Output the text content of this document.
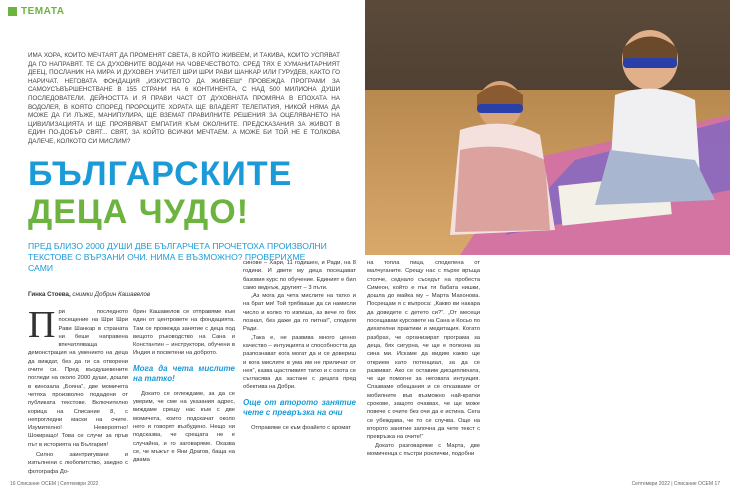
ТЕМАТА
ИМА ХОРА, КОИТО МЕЧТАЯТ ДА ПРОМЕНЯТ СВЕТА, В КОЙТО ЖИВЕЕМ, И ТАКИВА, КОИТО УСПЯВАТ ДА ГО НАПРАВЯТ. ТЕ СА ДУХОВНИТЕ ВОДАЧИ НА ЧОВЕЧЕСТВОТО. СРЕД ТЯХ Е ХУМАНИТАРНИЯТ ДЕЕЦ, ПОСЛАНИК НА МИРА И ДУХОВЕН УЧИТЕЛ ШРИ ШРИ РАВИ ШАНКАР ИЛИ ГУРУДЕВ, КАКТО ГО НАРИЧАТ. НЕГОВАТА ФОНДАЦИЯ „ИЗКУСТВОТО ДА ЖИВЕЕШ“ ПРОВЕЖДА ПРОГРАМИ ЗА САМОУСЪВЪРШЕНСТВАНЕ В 155 СТРАНИ НА 6 КОНТИНЕНТА, С НАД 500 МИЛИОНА ДУШИ ПОСЛЕДОВАТЕЛИ. ДЕЙНОСТТА И Я ПРАВИ ЧАСТ ОТ ДУХОВНАТА ПРОМЯНА В ЕПОХАТА НА ВОДОЛЕЯ, В КОЯТО СПОРЕД ПРОРОЦИТЕ ХОРАТА ЩЕ ВЛАДЕЯТ ТЕЛЕПАТИЯ, НИКОЙ НЯМА ДА МОЖЕ ДА ГИ ЛЪЖЕ, МАНИПУЛИРА, ЩЕ ВЗЕМАТ ПРАВИЛНИТЕ РЕШЕНИЯ ЗА ОЦЕЛЯВАНЕТО НА ЦИВИЛИЗАЦИЯТА И ЩЕ ПРОЯВЯВАТ ЕМПАТИЯ КЪМ ОКОЛНИТЕ. ПРЕДСКАЗАНИЯ ЗА ЖИВОТ В ЕДИН ПО-ДОБЪР СВЯТ... СВЯТ, ЗА КОЙТО ВСИЧКИ МЕЧТАЕМ. А МОЖЕ БИ ТОЙ НЕ Е ТОЛКОВА ДАЛЕЧЕ, КОЛКОТО СИ МИСЛИМ?
БЪЛГАРСКИТЕ
ДЕЦА ЧУДО!
ПРЕД БЛИЗО 2000 ДУШИ ДВЕ БЪЛГАРЧЕТА ПРОЧЕТОХА ПРОИЗВОЛНИ ТЕКСТОВЕ С ВЪРЗАНИ ОЧИ. НИМА Е ВЪЗМОЖНО? ПРОВЕРИХМЕ САМИ
Гинка Стоева, снимки Добрин Кашавелов
П ри последното посещение на Шри Шри Рави Шанкар в страната ни беше направена впечатляваща демонстрация на умението на деца да виждат, без да ги са отворени очите си. Пред въодушевените погледи на около 2000 души, дошли в кинозала „Бояна“, две момичета четяха произволно подадени от публиката текстове. Включително корица на Списание 8, с непрогледни маски на очите. Изумително! Невероятно! Шокиращо! Това се случи за пръв път в историята на България!

Силно заинтригувани и изпълнени с любопитство, заедно с фотографа До-

брин Кашавелов се отправяме към един от центровете на фондацията. Там се провежда занятие с деца под вещото ръководство на Сана и Константин – инструктори, обучени в Индия и посветени на доброто.

Мога да чета мислите на татко!

Докато се оглеждаме, за да се уверим, че сме на указания адрес, виждаме срещу нас към с две момичета, които подскачат около него и говорят възбудено. Нещо ни подсказва, че срещата не е случайна, и го заговаряме. Оказва се, че мъжът е Яни Драгов, баща на двама

синове – Хари, 11 годишен, и Ради, на 8 години. И двете му деца посещават базовия курс по обучение. Единият е бил само веднъж, другият – 3 пъти.

„Аз мога да чета мислите на татко и на брат ми! Той трябваше да си намисли число и колко то изпиша, аз вече го бях познал, без даже да го питна!“, споделя Ради.

„Така е, не развива много ценно качество – интуицията и способността да разпознават кога могат да и се довериш и кога мислите в ума им не приличат от нея“, казва щастливият татко и с охота се съгласява да застане с децата пред обектива на Добри.

Още от второто занятие чете с превръзка на очи

Отправяме се към фоайето с аромат

на топла пица, споделена от малчуганите. Срещу нас с пърхе връща столче, седнало съседът на пробеста Симеон, който е пък тя бабата нишки, дошла до майка му – Марта Махонова. Посрещам я с въпроса: „Какво ви накара да доведете с детето си?“. „От месеци посещавам курсовете на Сана и Косьо по дихателни практики и медитация. Когато разбрах, че организират програма за деца, бях сигурна, че ще е полезна за сина ми. Искаме да видим какво ще открием като потенциал, за да се развиват. Ако се оставим дисциплината, че ще помогне за неговата интуиция. Спазваме обещания и се отказваме от мобилните във възможно най-кратки срокове, защото очаквах, че ще може повече с очите без очи да е истина. Сега се убеждава, че то се случва. Още на второто занятие започна да чете текст с превръзка на очите!“

Докато разговаряме с Марта, две момиченца с пъстри роклички, подобни

16 Списание ОСЕМ | Септември 2022	Септември 2022 | Списание ОСЕМ 17
